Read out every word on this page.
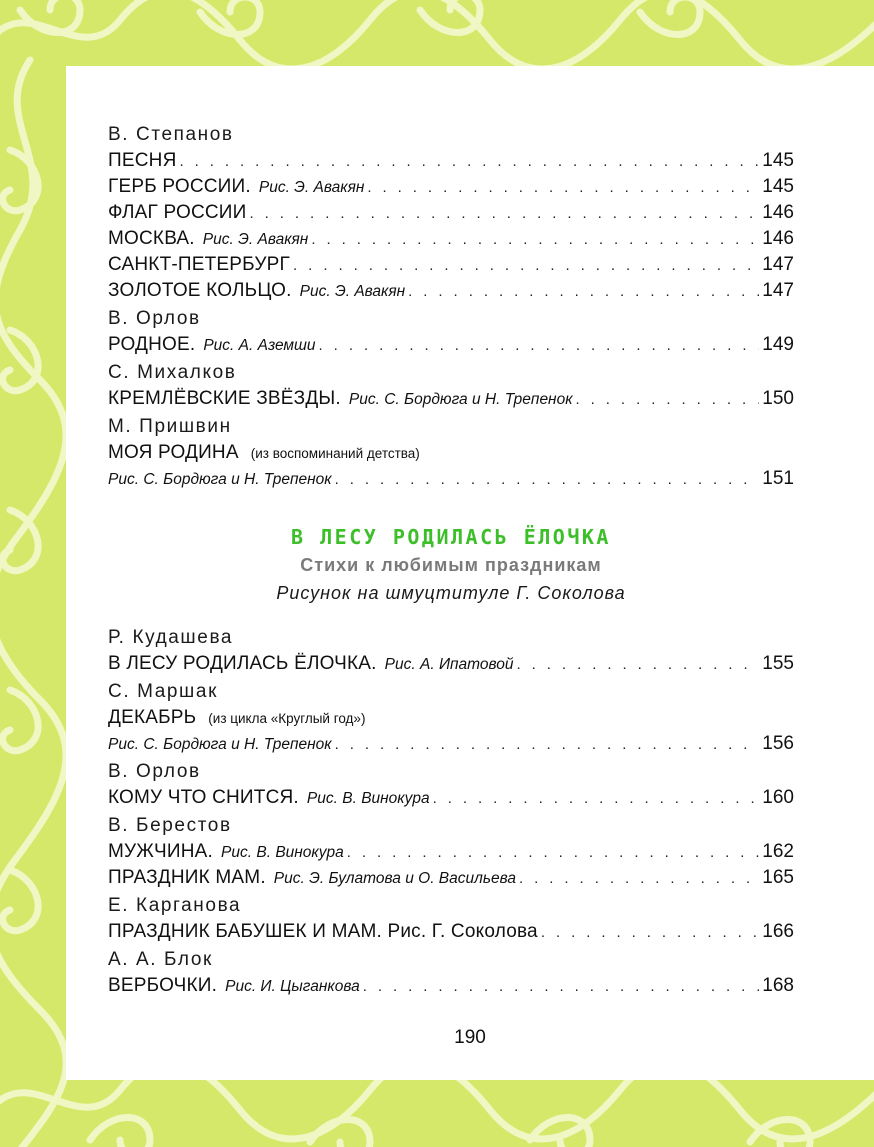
В. Степанов
ПЕСНЯ . . .	145
ГЕРБ РОССИИ. Рис. Э. Авакян . . .	145
ФЛАГ РОССИИ . . .	146
МОСКВА. Рис. Э. Авакян . . .	146
САНКТ-ПЕТЕРБУРГ . . .	147
ЗОЛОТОЕ КОЛЬЦО. Рис. Э. Авакян . . .	147
В. Орлов
РОДНОЕ. Рис. А. Аземши . . .	149
С. Михалков
КРЕМЛЁВСКИЕ ЗВЁЗДЫ. Рис. С. Бордюга и Н. Трепенок . . .	150
М. Пришвин
МОЯ РОДИНА (из воспоминаний детства)
Рис. С. Бордюга и Н. Трепенок . . .	151
В ЛЕСУ РОДИЛАСЬ ЁЛОЧКА
Стихи к любимым праздникам
Рисунок на шмуцтитуле Г. Соколова
Р. Кудашева
В ЛЕСУ РОДИЛАСЬ ЁЛОЧКА. Рис. А. Ипатовой . . .	155
С. Маршак
ДЕКАБРЬ (из цикла «Круглый год»)
Рис. С. Бордюга и Н. Трепенок . . .	156
В. Орлов
КОМУ ЧТО СНИТСЯ. Рис. В. Винокура . . .	160
В. Берестов
МУЖЧИНА. Рис. В. Винокура . . .	162
ПРАЗДНИК МАМ. Рис. Э. Булатова и О. Васильева . . .	165
Е. Карганова
ПРАЗДНИК БАБУШЕК И МАМ. Рис. Г. Соколова . . .	166
А. А. Блок
ВЕРБОЧКИ. Рис. И. Цыганкова . . .	168
190
